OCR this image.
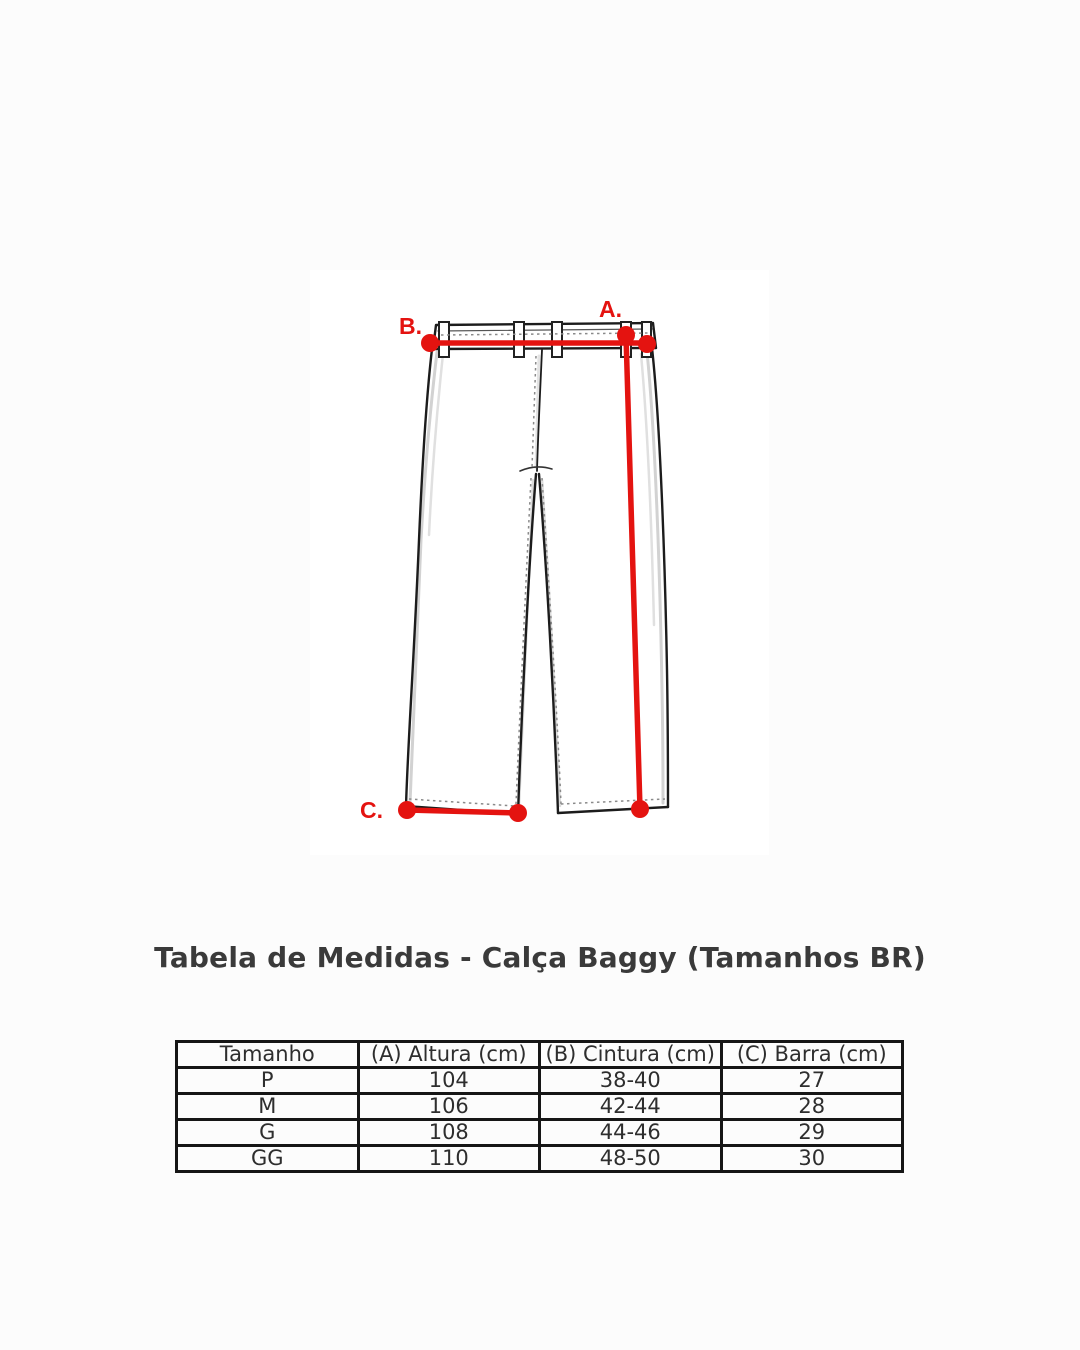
A.
B.
C.
Tabela de Medidas - Calça Baggy (Tamanhos BR)
Tamanho	(A) Altura (cm)	(B) Cintura (cm)	(C) Barra (cm)
P	104	38-40	27
M	106	42-44	28
G	108	44-46	29
GG	110	48-50	30
